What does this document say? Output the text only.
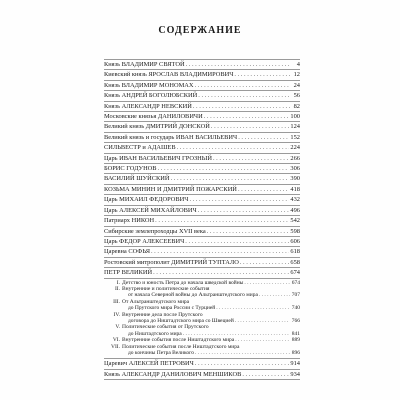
СОДЕРЖАНИЕ
Князь ВЛАДИМИР СВЯТОЙ . . .	4
Киевский князь ЯРОСЛАВ ВЛАДИМИРОВИЧ . . .	12
Князь ВЛАДИМИР МОНОМАХ . . .	24
Князь АНДРЕЙ БОГОЛЮБСКИЙ . . .	56
Князь АЛЕКСАНДР НЕВСКИЙ . . .	82
Московские князья ДАНИЛОВИЧИ . . .	100
Великий князь ДМИТРИЙ ДОНСКОЙ . . .	124
Великий князь и государь ИВАН ВАСИЛЬЕВИЧ . . .	152
СИЛЬВЕСТР и АДАШЕВ . . .	224
Царь ИВАН ВАСИЛЬЕВИЧ ГРОЗНЫЙ . . .	266
БОРИС ГОДУНОВ . . .	306
ВАСИЛИЙ ШУЙСКИЙ . . .	390
КОЗЬМА МИНИН И ДМИТРИЙ ПОЖАРСКИЙ . . .	418
Царь МИХАИЛ ФЕДОРОВИЧ . . .	432
Царь АЛЕКСЕЙ МИХАЙЛОВИЧ . . .	496
Патриарх НИКОН . . .	542
Сибирские землепроходцы XVII века . . .	598
Царь ФЕДОР АЛЕКСЕЕВИЧ . . .	606
Царевна СОФЬЯ . . .	618
Ростовский митрополит ДИМИТРИЙ ТУПТАЛО . . .	658
ПЕТР ВЕЛИКИЙ . . .	674
I. Детство и юность Петра до начала шведской войны . . .	674
II. Внутренние и политические события
от начала Северной войны до Альтранштедтского мира . . .	707
III. От Альтранштедтского мира
до Прутского мира России с Турцией . . .	740
IV. Внутренние дела после Прутского
договора до Ништадтского мира со Швецией . . .	766
V. Политические события от Прутского
до Ништадтского мира . . .	841
VI. Внутренние события после Ништадтского мира . . .	889
VII. Политические события после Ништадтского мира
до кончины Петра Великого . . .	896
Царевич АЛЕКСЕЙ ПЕТРОВИЧ . . .	914
Князь АЛЕКСАНДР ДАНИЛОВИЧ МЕНШИКОВ . . .	934
